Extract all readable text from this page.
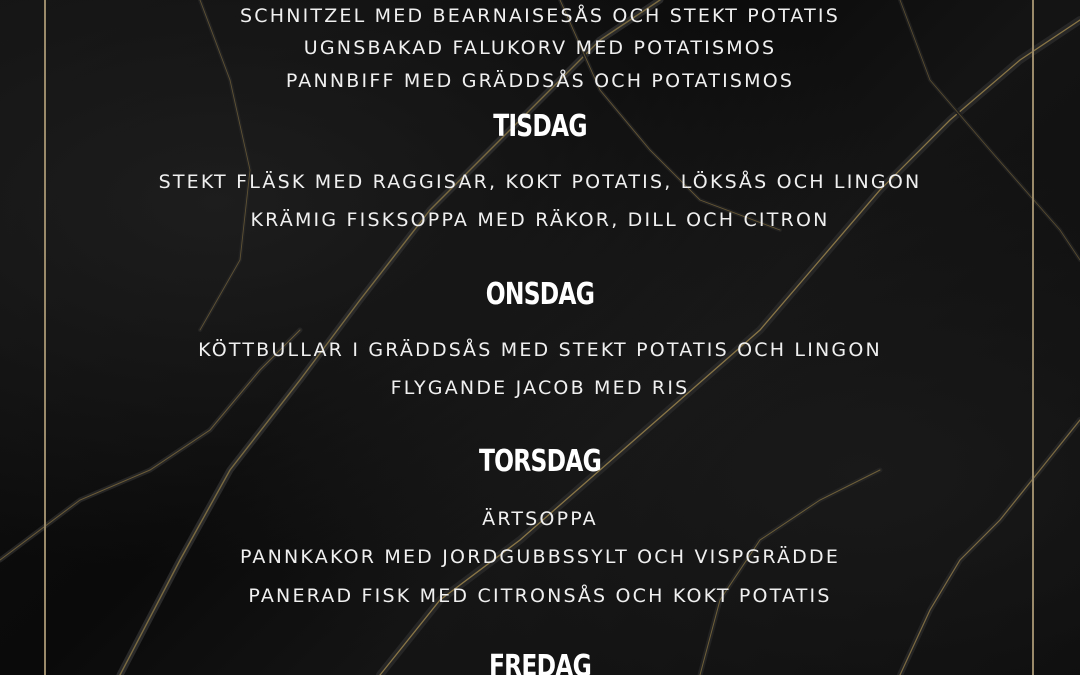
SCHNITZEL MED BEARNAISESÅS OCH STEKT POTATIS

UGNSBAKAD FALUKORV MED POTATISMOS

PANNBIFF MED GRÄDDSÅS OCH POTATISMOS

TISDAG

STEKT FLÄSK MED RAGGISAR, KOKT POTATIS, LÖKSÅS OCH LINGON

KRÄMIG FISKSOPPA MED RÄKOR, DILL OCH CITRON

ONSDAG

KÖTTBULLAR I GRÄDDSÅS MED STEKT POTATIS OCH LINGON

FLYGANDE JACOB MED RIS

TORSDAG

ÄRTSOPPA

PANNKAKOR MED JORDGUBBSSYLT OCH VISPGRÄDDE

PANERAD FISK MED CITRONSÅS OCH KOKT POTATIS

FREDAG
